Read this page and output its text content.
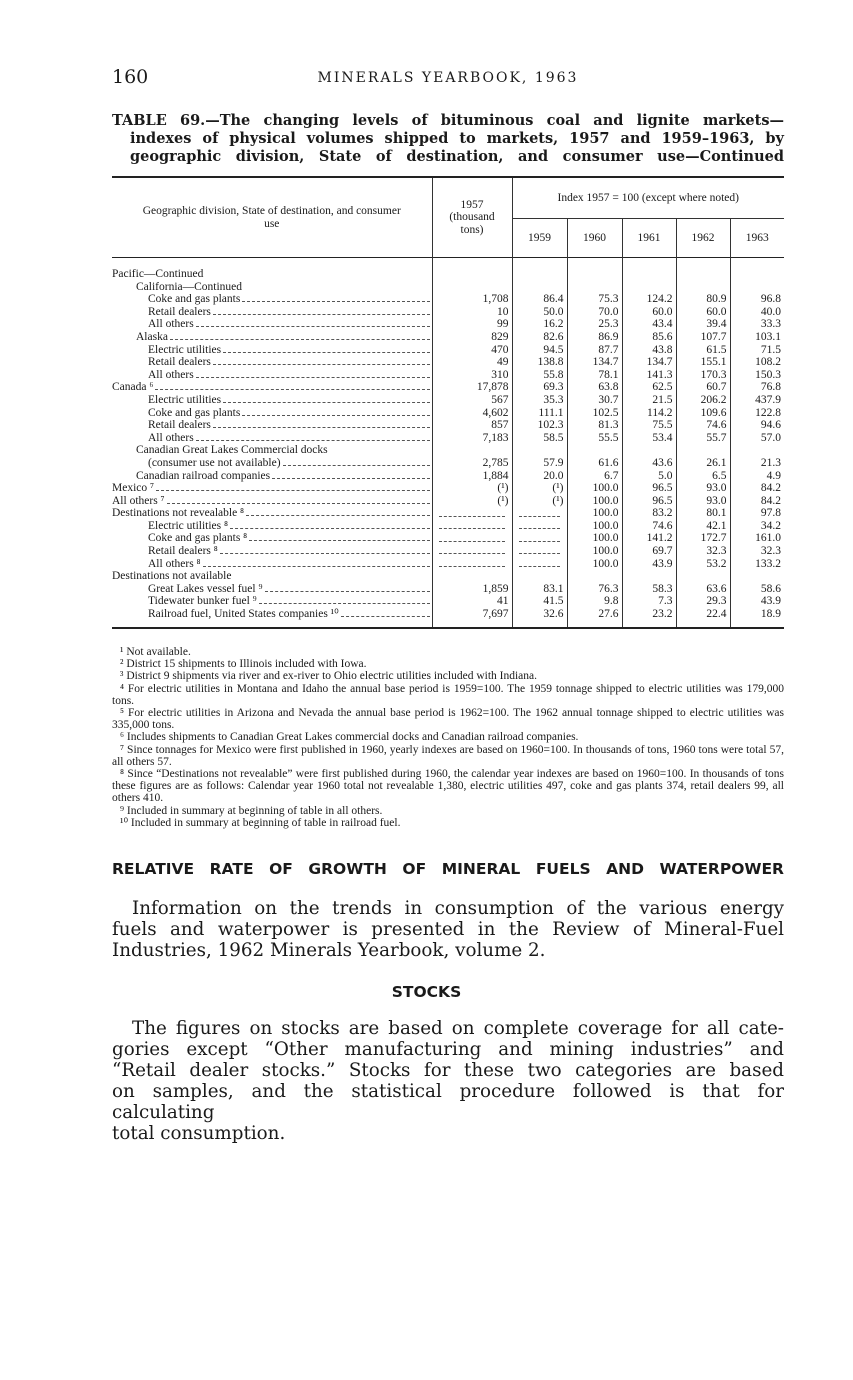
160	MINERALS YEARBOOK, 1963
TABLE 69.—The changing levels of bituminous coal and lignite markets—
indexes of physical volumes shipped to markets, 1957 and 1959–1963, by
geographic division, State of destination, and consumer use—Continued
Geographic division, State of destination, and consumer use	1957 (thousand tons)	Index 1957 = 100 (except where noted)				
		1959	1960	1961	1962	1963

Pacific—Continued						

California—Continued						

Coke and gas plants	1,708	86.4	75.3	124.2	80.9	96.8

Retail dealers	10	50.0	70.0	60.0	60.0	40.0

All others	99	16.2	25.3	43.4	39.4	33.3

Alaska	829	82.6	86.9	85.6	107.7	103.1

Electric utilities	470	94.5	87.7	43.8	61.5	71.5

Retail dealers	49	138.8	134.7	134.7	155.1	108.2

All others	310	55.8	78.1	141.3	170.3	150.3

Canada ⁶	17,878	69.3	63.8	62.5	60.7	76.8

Electric utilities	567	35.3	30.7	21.5	206.2	437.9

Coke and gas plants	4,602	111.1	102.5	114.2	109.6	122.8

Retail dealers	857	102.3	81.3	75.5	74.6	94.6

All others	7,183	58.5	55.5	53.4	55.7	57.0

Canadian Great Lakes Commercial docks						

(consumer use not available)	2,785	57.9	61.6	43.6	26.1	21.3

Canadian railroad companies	1,884	20.0	6.7	5.0	6.5	4.9

Mexico ⁷	(¹)	(¹)	100.0	96.5	93.0	84.2

All others ⁷	(¹)	(¹)	100.0	96.5	93.0	84.2

Destinations not revealable ⁸			100.0	83.2	80.1	97.8

Electric utilities ⁸			100.0	74.6	42.1	34.2

Coke and gas plants ⁸			100.0	141.2	172.7	161.0

Retail dealers ⁸			100.0	69.7	32.3	32.3

All others ⁸			100.0	43.9	53.2	133.2

Destinations not available						

Great Lakes vessel fuel ⁹	1,859	83.1	76.3	58.3	63.6	58.6

Tidewater bunker fuel ⁹	41	41.5	9.8	7.3	29.3	43.9

Railroad fuel, United States companies ¹⁰	7,697	32.6	27.6	23.2	22.4	18.9

¹ Not available.

² District 15 shipments to Illinois included with Iowa.

³ District 9 shipments via river and ex-river to Ohio electric utilities included with Indiana.

⁴ For electric utilities in Montana and Idaho the annual base period is 1959=100. The 1959 tonnage shipped to electric utilities was 179,000 tons.

⁵ For electric utilities in Arizona and Nevada the annual base period is 1962=100. The 1962 annual tonnage shipped to electric utilities was 335,000 tons.

⁶ Includes shipments to Canadian Great Lakes commercial docks and Canadian railroad companies.

⁷ Since tonnages for Mexico were first published in 1960, yearly indexes are based on 1960=100. In thousands of tons, 1960 tons were total 57, all others 57.

⁸ Since “Destinations not revealable” were first published during 1960, the calendar year indexes are based on 1960=100. In thousands of tons these figures are as follows: Calendar year 1960 total not revealable 1,380, electric utilities 497, coke and gas plants 374, retail dealers 99, all others 410.

⁹ Included in summary at beginning of table in all others.

¹⁰ Included in summary at beginning of table in railroad fuel.

RELATIVE RATE OF GROWTH OF MINERAL FUELS AND WATERPOWER
Information on the trends in consumption of the various energy
fuels and waterpower is presented in the Review of Mineral-Fuel
Industries, 1962 Minerals Yearbook, volume 2.
STOCKS
The figures on stocks are based on complete coverage for all cate-
gories except “Other manufacturing and mining industries” and
“Retail dealer stocks.” Stocks for these two categories are based
on samples, and the statistical procedure followed is that for calculating
total consumption.
